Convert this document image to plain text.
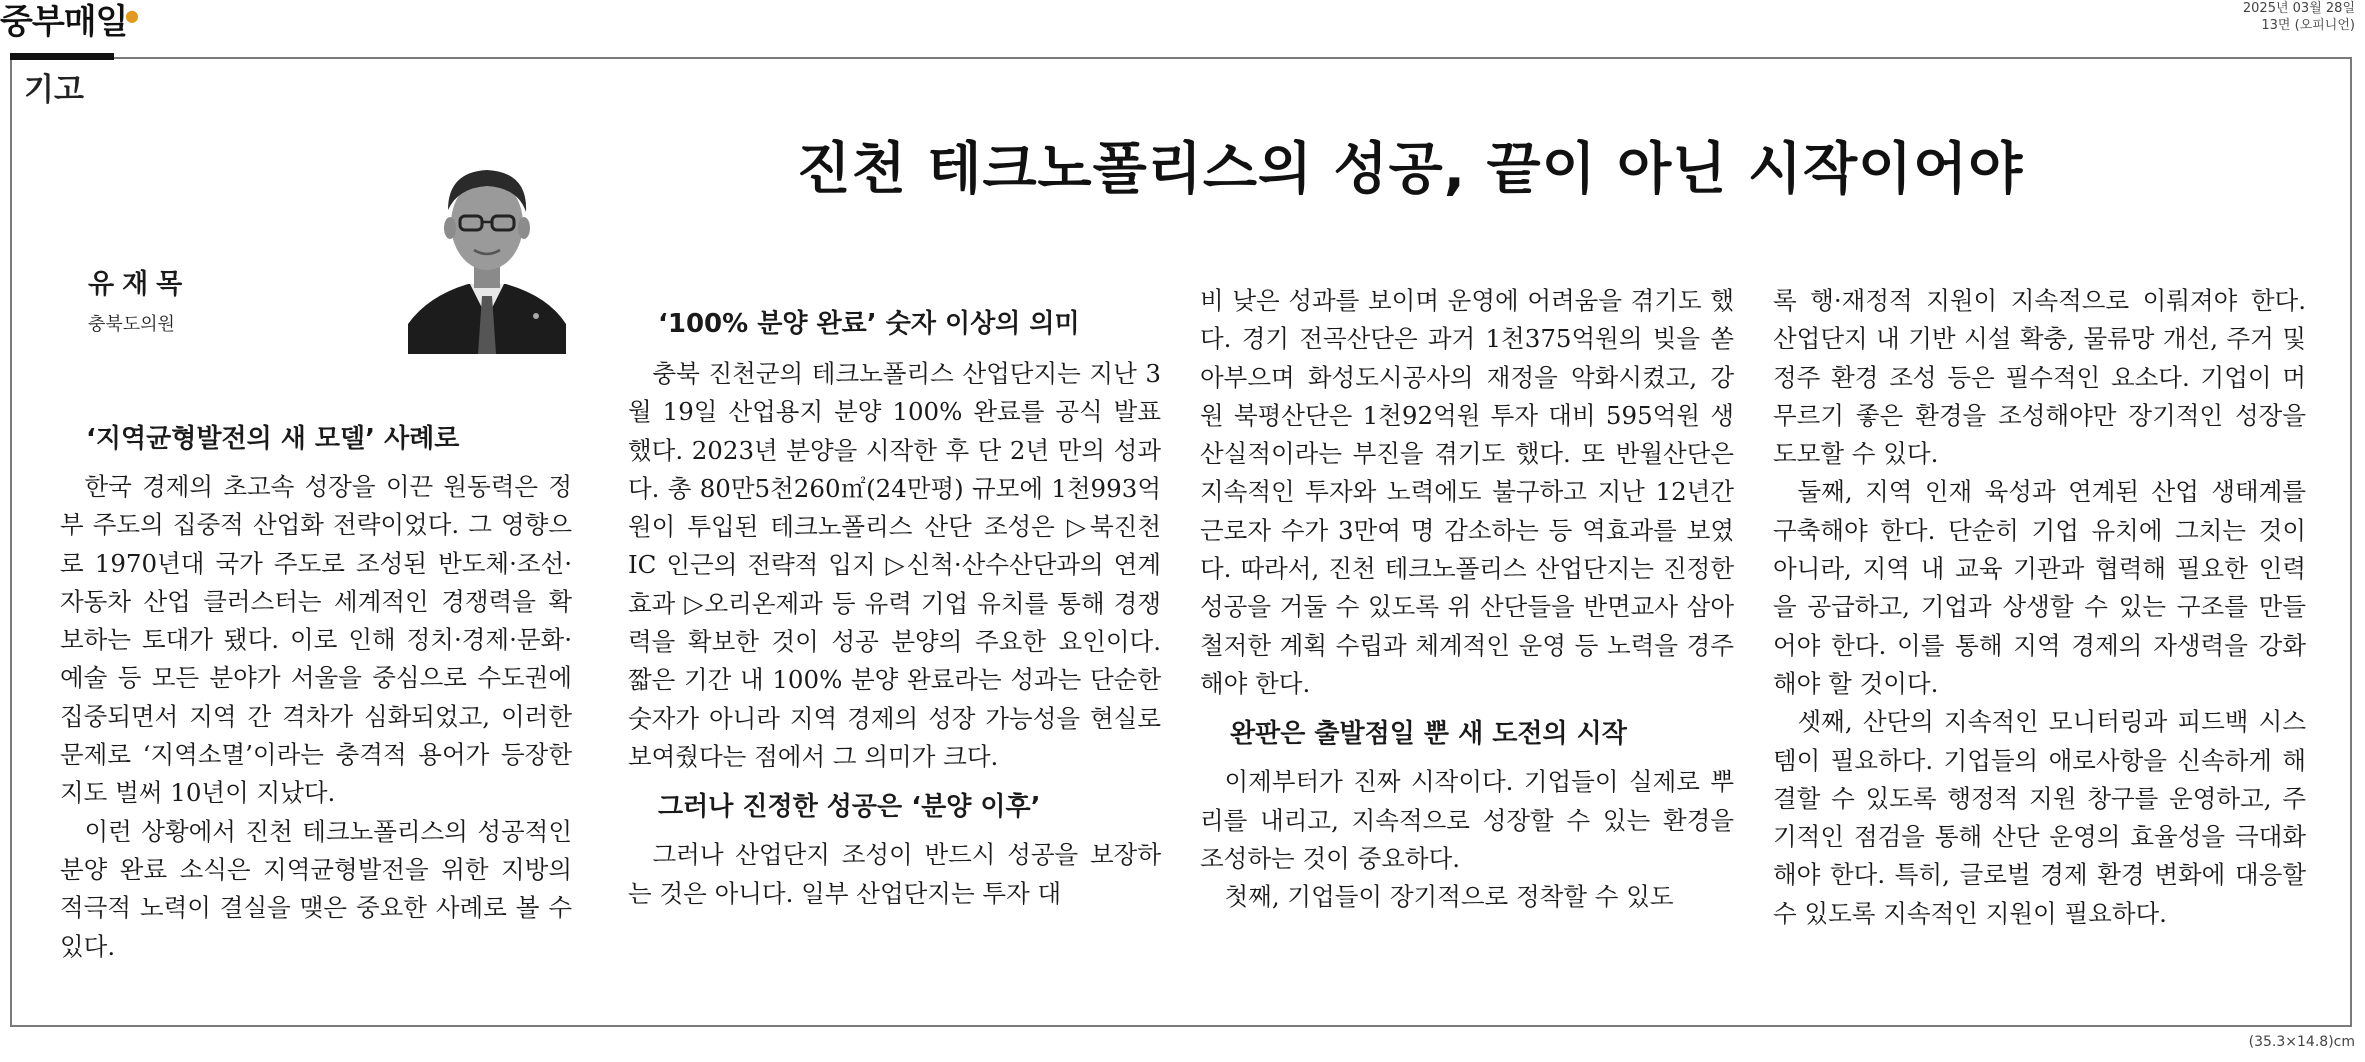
중부매일
●	2025년 03월 28일
13면 (오피니언)
기고
진천 테크노폴리스의 성공, 끝이 아닌 시작이어야
유재목
충북도의원
‘지역균형발전의 새 모델’ 사례로

한국 경제의 초고속 성장을 이끈 원동력은 정부 주도의 집중적 산업화 전략이었다. 그 영향으로 1970년대 국가 주도로 조성된 반도체·조선·자동차 산업 클러스터는 세계적인 경쟁력을 확보하는 토대가 됐다. 이로 인해 정치·경제·문화·예술 등 모든 분야가 서울을 중심으로 수도권에 집중되면서 지역 간 격차가 심화되었고, 이러한 문제로 ‘지역소멸’이라는 충격적 용어가 등장한 지도 벌써 10년이 지났다.

이런 상황에서 진천 테크노폴리스의 성공적인 분양 완료 소식은 지역균형발전을 위한 지방의 적극적 노력이 결실을 맺은 중요한 사례로 볼 수 있다.

‘100% 분양 완료’ 숫자 이상의 의미

충북 진천군의 테크노폴리스 산업단지는 지난 3월 19일 산업용지 분양 100% 완료를 공식 발표했다. 2023년 분양을 시작한 후 단 2년 만의 성과다. 총 80만5천260㎡(24만평) 규모에 1천993억원이 투입된 테크노폴리스 산단 조성은 ▷북진천IC 인근의 전략적 입지 ▷신척·산수산단과의 연계 효과 ▷오리온제과 등 유력 기업 유치를 통해 경쟁력을 확보한 것이 성공 분양의 주요한 요인이다. 짧은 기간 내 100% 분양 완료라는 성과는 단순한 숫자가 아니라 지역 경제의 성장 가능성을 현실로 보여줬다는 점에서 그 의미가 크다.

그러나 진정한 성공은 ‘분양 이후’

그러나 산업단지 조성이 반드시 성공을 보장하는 것은 아니다. 일부 산업단지는 투자 대

비 낮은 성과를 보이며 운영에 어려움을 겪기도 했다. 경기 전곡산단은 과거 1천375억원의 빚을 쏟아부으며 화성도시공사의 재정을 악화시켰고, 강원 북평산단은 1천92억원 투자 대비 595억원 생산실적이라는 부진을 겪기도 했다. 또 반월산단은 지속적인 투자와 노력에도 불구하고 지난 12년간 근로자 수가 3만여 명 감소하는 등 역효과를 보였다. 따라서, 진천 테크노폴리스 산업단지는 진정한 성공을 거둘 수 있도록 위 산단들을 반면교사 삼아 철저한 계획 수립과 체계적인 운영 등 노력을 경주해야 한다.

완판은 출발점일 뿐 새 도전의 시작

이제부터가 진짜 시작이다. 기업들이 실제로 뿌리를 내리고, 지속적으로 성장할 수 있는 환경을 조성하는 것이 중요하다.

첫째, 기업들이 장기적으로 정착할 수 있도

록 행·재정적 지원이 지속적으로 이뤄져야 한다. 산업단지 내 기반 시설 확충, 물류망 개선, 주거 및 정주 환경 조성 등은 필수적인 요소다. 기업이 머무르기 좋은 환경을 조성해야만 장기적인 성장을 도모할 수 있다.

둘째, 지역 인재 육성과 연계된 산업 생태계를 구축해야 한다. 단순히 기업 유치에 그치는 것이 아니라, 지역 내 교육 기관과 협력해 필요한 인력을 공급하고, 기업과 상생할 수 있는 구조를 만들어야 한다. 이를 통해 지역 경제의 자생력을 강화해야 할 것이다.

셋째, 산단의 지속적인 모니터링과 피드백 시스템이 필요하다. 기업들의 애로사항을 신속하게 해결할 수 있도록 행정적 지원 창구를 운영하고, 주기적인 점검을 통해 산단 운영의 효율성을 극대화해야 한다. 특히, 글로벌 경제 환경 변화에 대응할 수 있도록 지속적인 지원이 필요하다.

(35.3×14.8)cm
